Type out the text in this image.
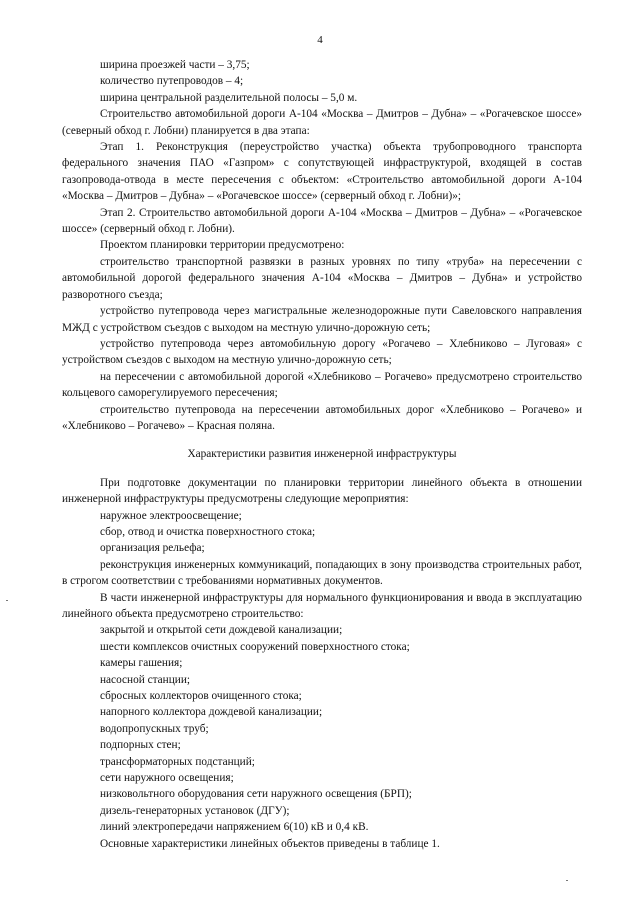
4

ширина проезжей части – 3,75;

количество путепроводов – 4;

ширина центральной разделительной полосы – 5,0 м.

Строительство автомобильной дороги А-104 «Москва – Дмитров – Дубна» – «Рогачевское шоссе» (северный обход г. Лобни) планируется в два этапа:

Этап 1. Реконструкция (переустройство участка) объекта трубопроводного транспорта федерального значения ПАО «Газпром» с сопутствующей инфраструктурой, входящей в состав газопровода-отвода в месте пересечения с объектом: «Строительство автомобильной дороги А-104 «Москва – Дмитров – Дубна» – «Рогачевское шоссе» (серверный обход г. Лобни)»;

Этап 2. Строительство автомобильной дороги А-104 «Москва – Дмитров – Дубна» – «Рогачевское шоссе» (серверный обход г. Лобни).

Проектом планировки территории предусмотрено:

строительство транспортной развязки в разных уровнях по типу «труба» на пересечении с автомобильной дорогой федерального значения А-104 «Москва – Дмитров – Дубна» и устройство разворотного съезда;

устройство путепровода через магистральные железнодорожные пути Савеловского направления МЖД с устройством съездов с выходом на местную улично-дорожную сеть;

устройство путепровода через автомобильную дорогу «Рогачево – Хлебниково – Луговая» с устройством съездов с выходом на местную улично-дорожную сеть;

на пересечении с автомобильной дорогой «Хлебниково – Рогачево» предусмотрено строительство кольцевого саморегулируемого пересечения;

строительство путепровода на пересечении автомобильных дорог «Хлебниково – Рогачево» и «Хлебниково – Рогачево» – Красная поляна.

Характеристики развития инженерной инфраструктуры

При подготовке документации по планировки территории линейного объекта в отношении инженерной инфраструктуры предусмотрены следующие мероприятия:

наружное электроосвещение;

сбор, отвод и очистка поверхностного стока;

организация рельефа;

реконструкция инженерных коммуникаций, попадающих в зону производства строительных работ, в строгом соответствии с требованиями нормативных документов.

В части инженерной инфраструктуры для нормального функционирования и ввода в эксплуатацию линейного объекта предусмотрено строительство:

закрытой и открытой сети дождевой канализации;

шести комплексов очистных сооружений поверхностного стока;

камеры гашения;

насосной станции;

сбросных коллекторов очищенного стока;

напорного коллектора дождевой канализации;

водопропускных труб;

подпорных стен;

трансформаторных подстанций;

сети наружного освещения;

низковольтного оборудования сети наружного освещения (БРП);

дизель-генераторных установок (ДГУ);

линий электропередачи напряжением 6(10) кВ и 0,4 кВ.

Основные характеристики линейных объектов приведены в таблице 1.
